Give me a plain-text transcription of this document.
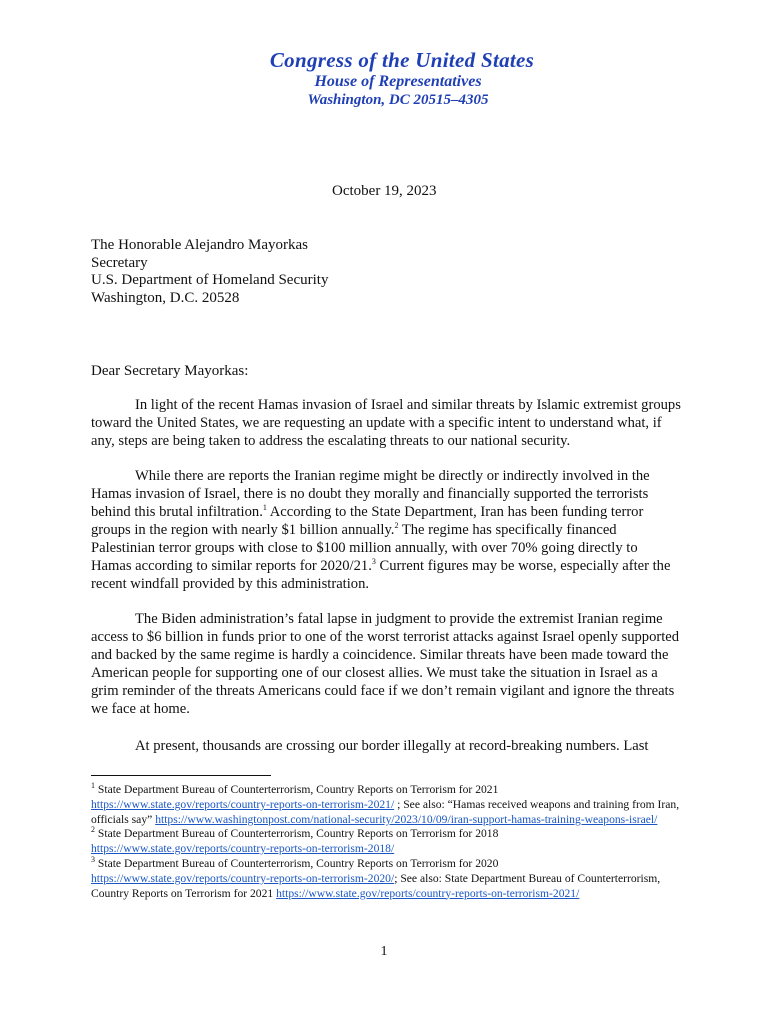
Congress of the United States
House of Representatives
Washington, DC 20515–4305
October 19, 2023
The Honorable Alejandro Mayorkas
Secretary
U.S. Department of Homeland Security
Washington, D.C. 20528
Dear Secretary Mayorkas:
In light of the recent Hamas invasion of Israel and similar threats by Islamic extremist groups toward the United States, we are requesting an update with a specific intent to understand what, if any, steps are being taken to address the escalating threats to our national security.
While there are reports the Iranian regime might be directly or indirectly involved in the Hamas invasion of Israel, there is no doubt they morally and financially supported the terrorists behind this brutal infiltration.$^1$ According to the State Department, Iran has been funding terror groups in the region with nearly $1 billion annually.$^2$ The regime has specifically financed Palestinian terror groups with close to $100 million annually, with over 70% going directly to Hamas according to similar reports for 2020/21.$^3$ Current figures may be worse, especially after the recent windfall provided by this administration.
The Biden administration’s fatal lapse in judgment to provide the extremist Iranian regime access to $6 billion in funds prior to one of the worst terrorist attacks against Israel openly supported and backed by the same regime is hardly a coincidence. Similar threats have been made toward the American people for supporting one of our closest allies. We must take the situation in Israel as a grim reminder of the threats Americans could face if we don’t remain vigilant and ignore the threats we face at home.
At present, thousands are crossing our border illegally at record-breaking numbers. Last

$^1$ State Department Bureau of Counterterrorism, Country Reports on Terrorism for 2021
https://www.state.gov/reports/country-reports-on-terrorism-2021/ ; See also: “Hamas received weapons and training from Iran, officials say” https://www.washingtonpost.com/national-security/2023/10/09/iran-support-hamas-training-weapons-israel/

$^2$ State Department Bureau of Counterterrorism, Country Reports on Terrorism for 2018
https://www.state.gov/reports/country-reports-on-terrorism-2018/

$^3$ State Department Bureau of Counterterrorism, Country Reports on Terrorism for 2020
https://www.state.gov/reports/country-reports-on-terrorism-2020/; See also: State Department Bureau of Counterterrorism, Country Reports on Terrorism for 2021 https://www.state.gov/reports/country-reports-on-terrorism-2021/

1
